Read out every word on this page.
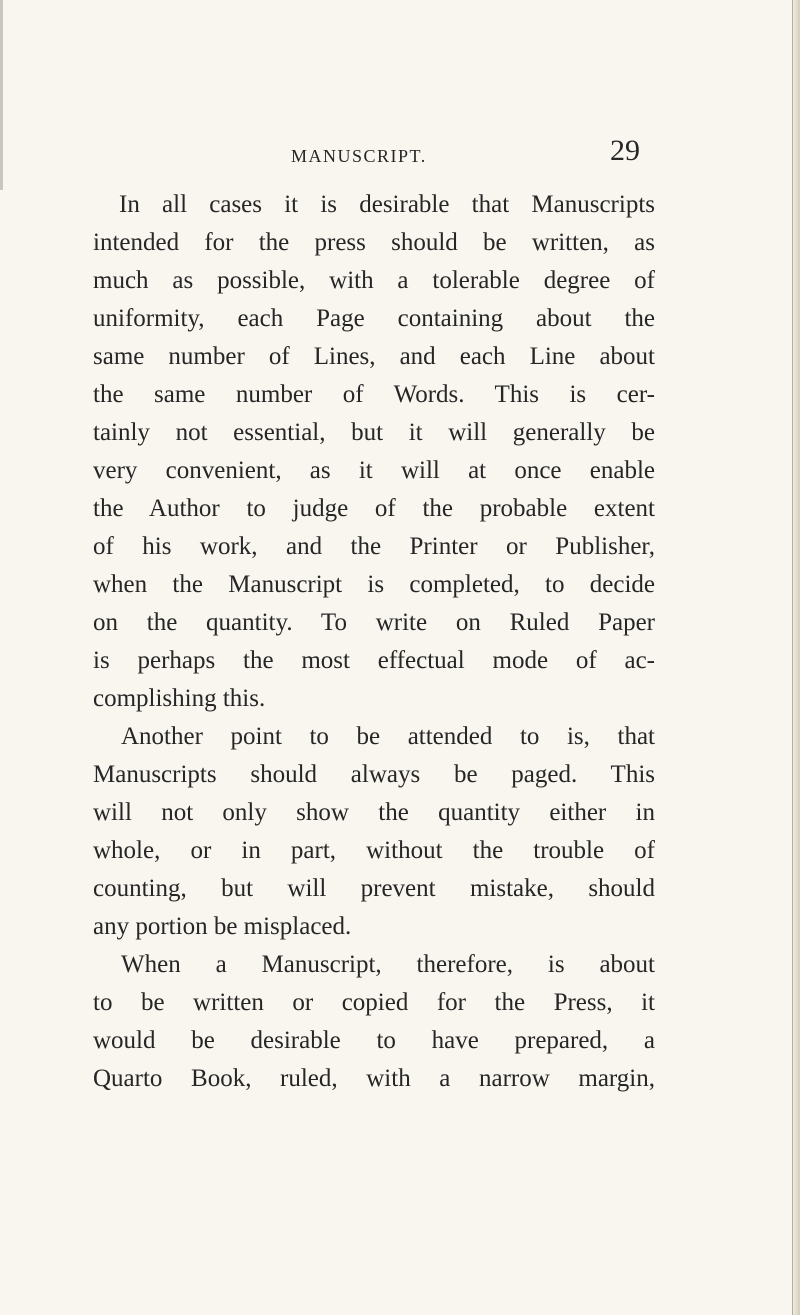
MANUSCRIPT.	29
In all cases it is desirable that Manuscripts
intended for the press should be written, as
much as possible, with a tolerable degree of
uniformity, each Page containing about the
same number of Lines, and each Line about
the same number of Words. This is cer-
tainly not essential, but it will generally be
very convenient, as it will at once enable
the Author to judge of the probable extent
of his work, and the Printer or Publisher,
when the Manuscript is completed, to decide
on the quantity. To write on Ruled Paper
is perhaps the most effectual mode of ac-
complishing this.
Another point to be attended to is, that
Manuscripts should always be paged. This
will not only show the quantity either in
whole, or in part, without the trouble of
counting, but will prevent mistake, should
any portion be misplaced.
When a Manuscript, therefore, is about
to be written or copied for the Press, it
would be desirable to have prepared, a
Quarto Book, ruled, with a narrow margin,
